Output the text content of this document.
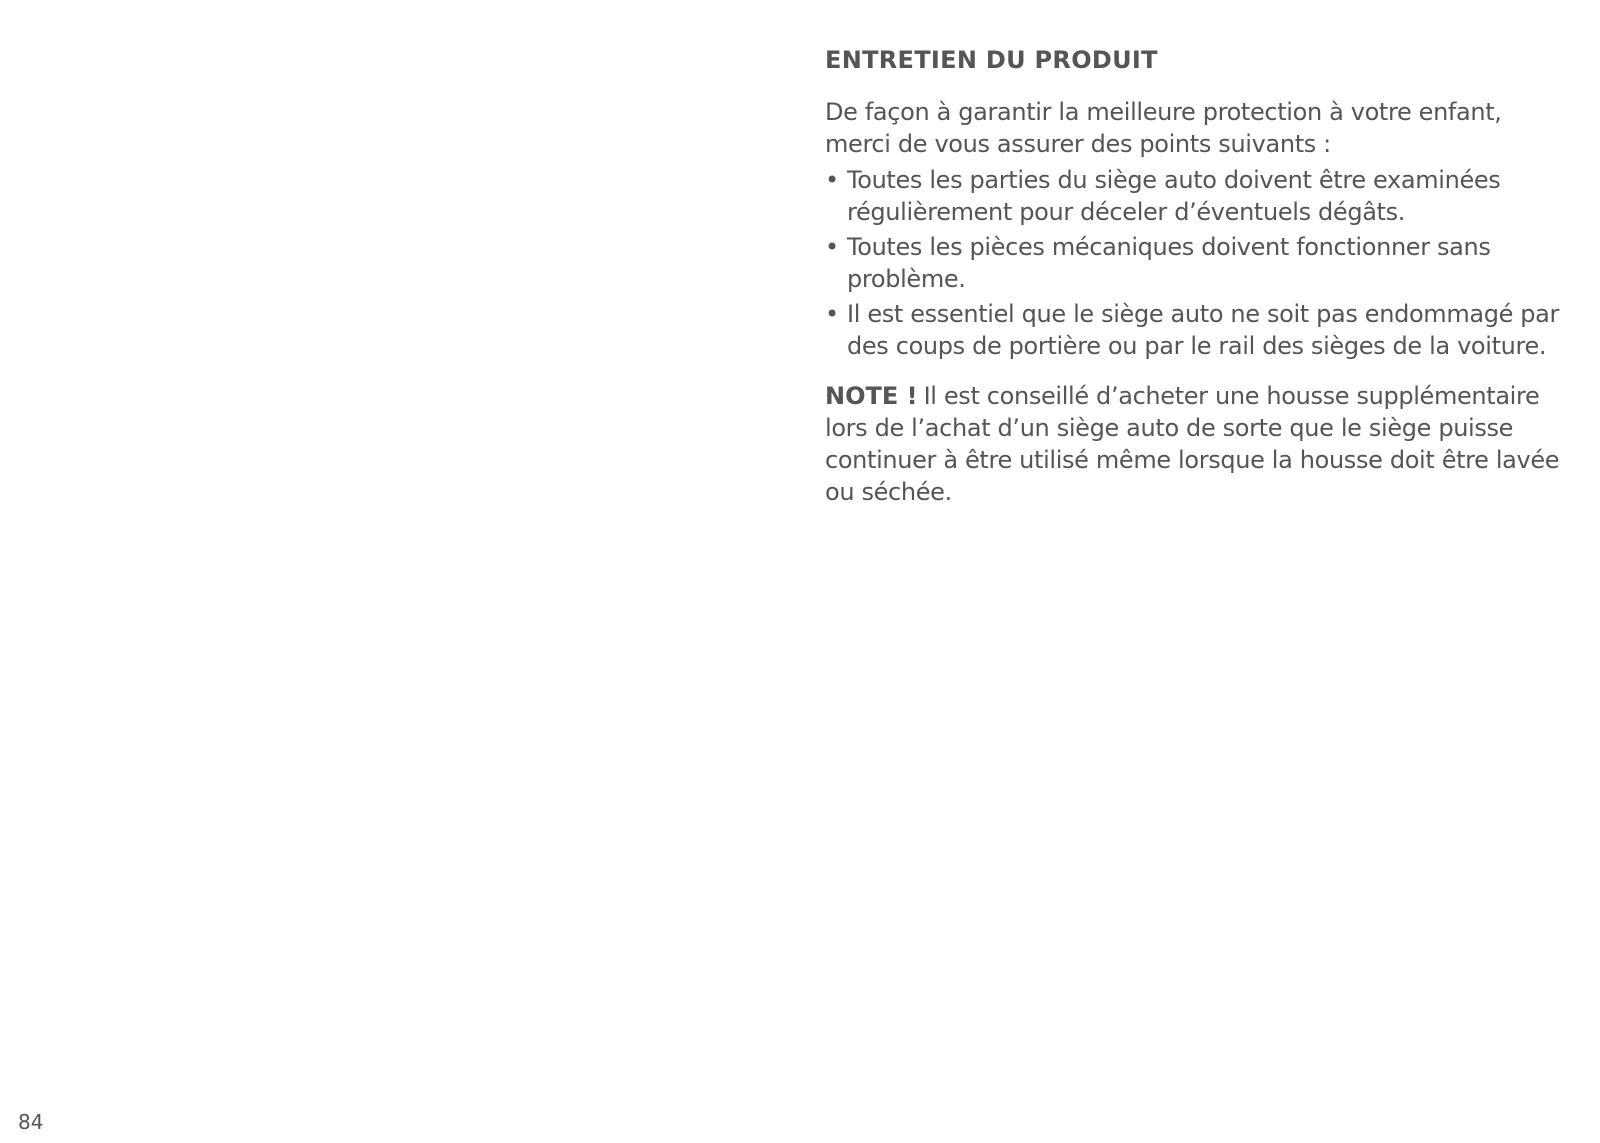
ENTRETIEN DU PRODUIT

De façon à garantir la meilleure protection à votre enfant, merci de vous assurer des points suivants :

• Toutes les parties du siège auto doivent être examinées régulièrement pour déceler d’éventuels dégâts.
• Toutes les pièces mécaniques doivent fonctionner sans problème.
• Il est essentiel que le siège auto ne soit pas endommagé par des coups de portière ou par le rail des sièges de la voiture.

NOTE ! Il est conseillé d’acheter une housse supplémentaire lors de l’achat d’un siège auto de sorte que le siège puisse continuer à être utilisé même lorsque la housse doit être lavée ou séchée.

84
